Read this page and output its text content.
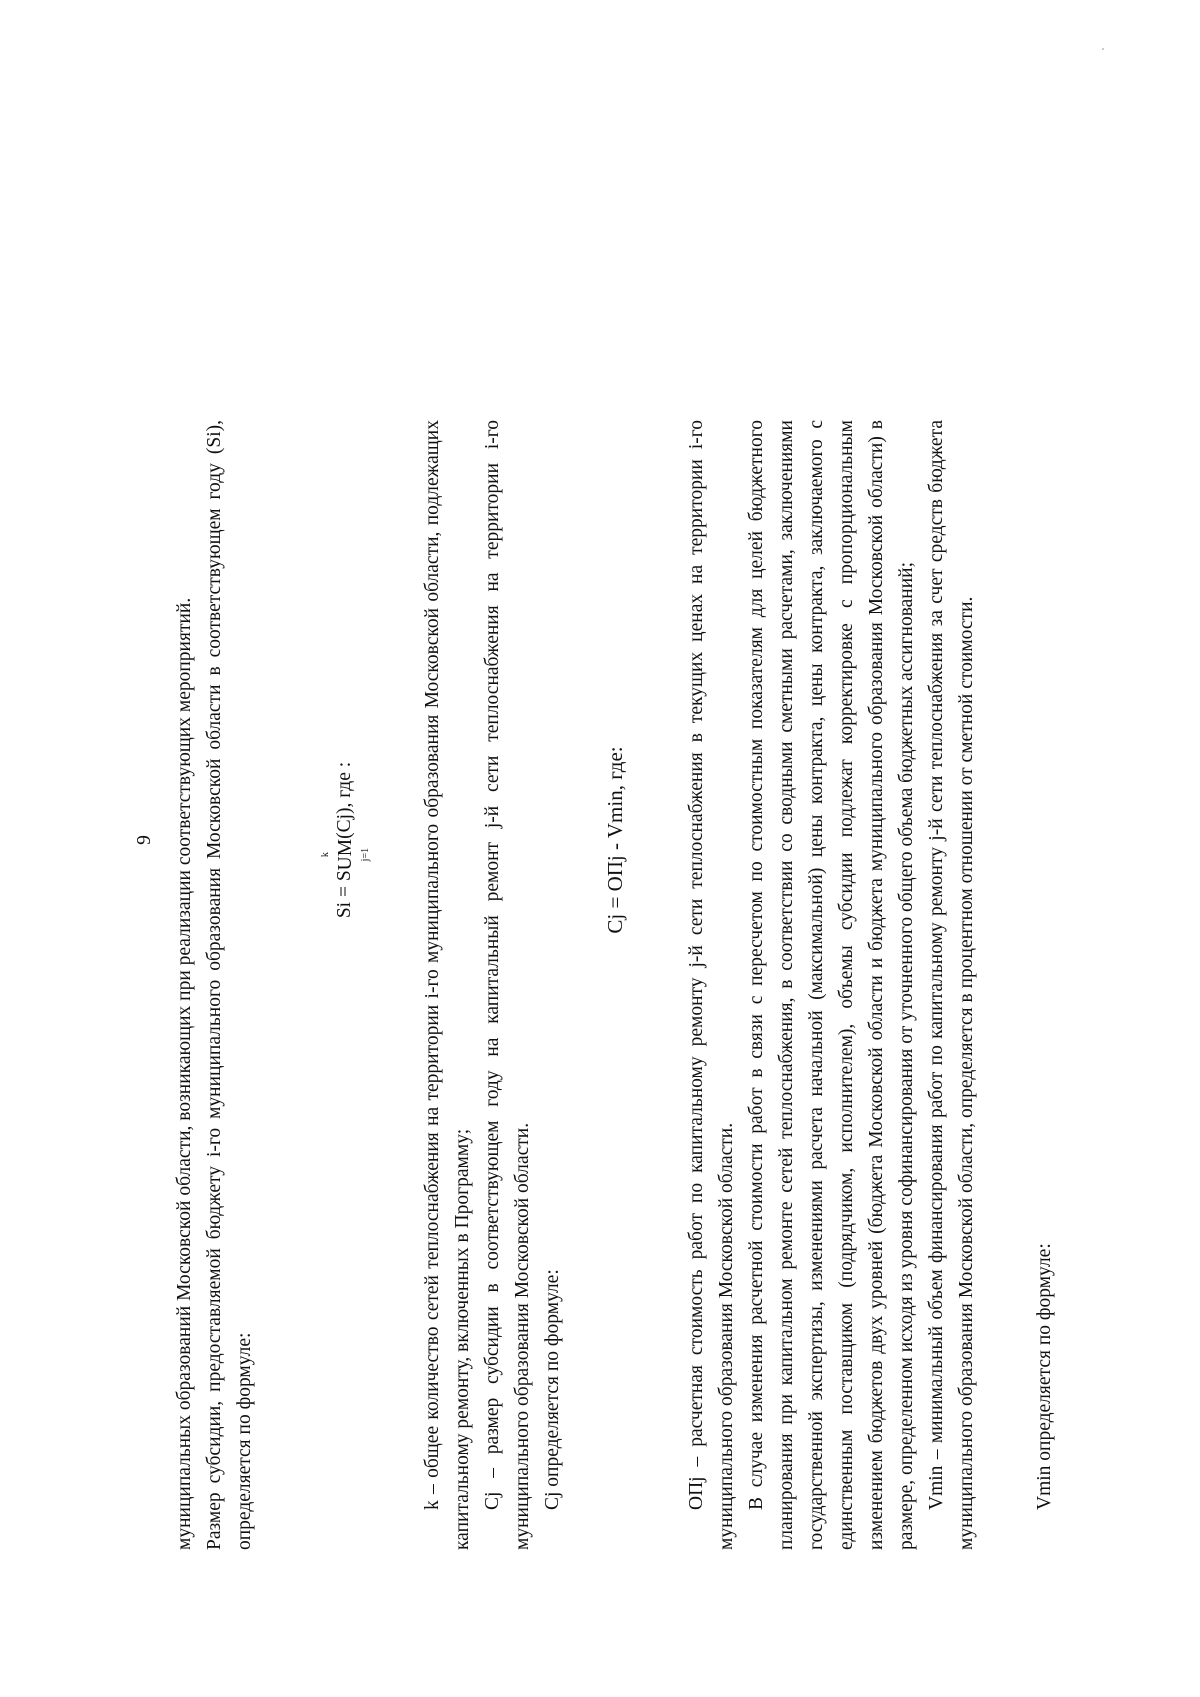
9 муниципальных образований Московской области, возникающих при реализации соответствующих мероприятий. Размер субсидии, предоставляемой бюджету i-го муниципального образования Московской области в соответствующем году (Si), определяется по формуле:

Si = S
k UM j=1
(Cj), где :	k – общее количество сетей теплоснабжения на территории i-го муниципального образования Московской области, подлежащих капитальному ремонту, включенных в Программу; Cj – размер субсидии в соответствующем году на капитальный ремонт j-й сети теплоснабжения на территории i-го муниципального образования Московской области. Cj определяется по формуле:

Cj = ОПj - Vmin, где:	ОПj – расчетная стоимость работ по капитальному ремонту j-й сети теплоснабжения в текущих ценах на территории i-го муниципального образования Московской области. В случае изменения расчетной стоимости работ в связи с пересчетом по стоимостным показателям для целей бюджетного планирования при капитальном ремонте сетей теплоснабжения, в соответствии со сводными сметными расчетами, заключениями государственной экспертизы, изменениями расчета начальной (максимальной) цены контракта, цены контракта, заключаемого с единственным поставщиком (подрядчиком, исполнителем), объемы субсидии подлежат корректировке с пропорциональным изменением бюджетов двух уровней (бюджета Московской области и бюджета муниципального образования Московской области) в размере, определенном исходя из уровня софинансирования от уточненного общего объема бюджетных ассигнований; Vmin – минимальный объем финансирования работ по капитальному ремонту j-й сети теплоснабжения за счет средств бюджета муниципального образования Московской области, определяется в процентном отношении от сметной стоимости.	Vmin определяется по формуле:
